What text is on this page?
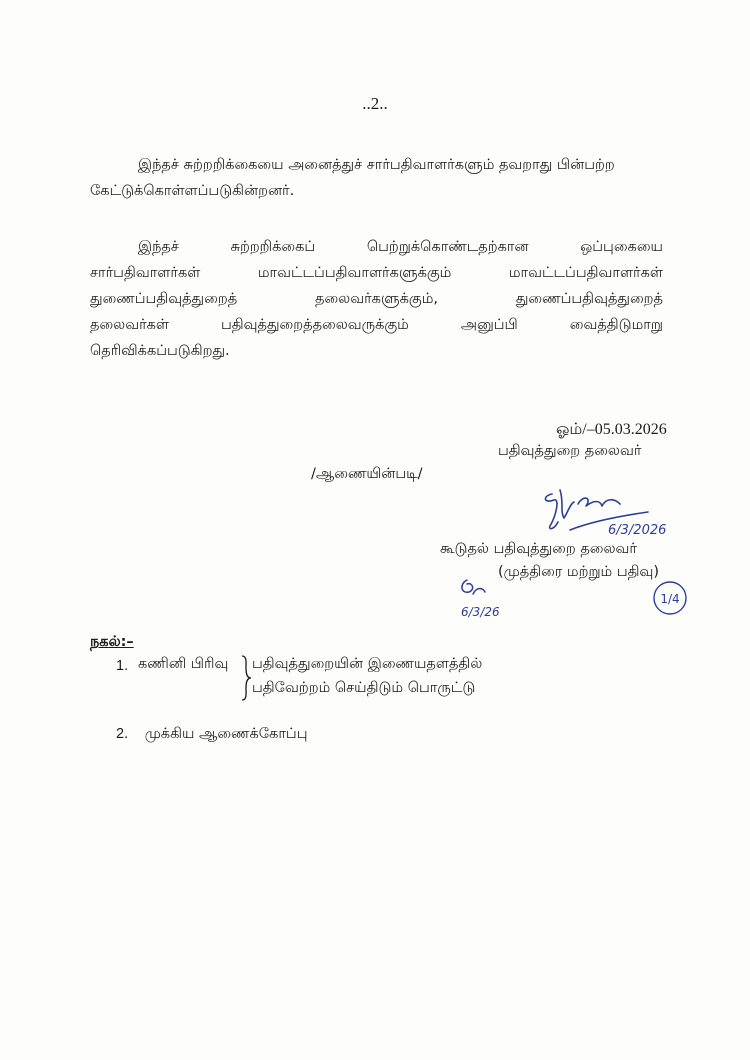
..2..
இந்தச் சுற்றறிக்கையை அனைத்துச் சார்பதிவாளர்களும் தவறாது பின்பற்ற
கேட்டுக்கொள்ளப்படுகின்றனர்.
இந்தச்	சுற்றறிக்கைப்	பெற்றுக்கொண்டதற்கான	ஒப்புகையை
சார்பதிவாளர்கள்	மாவட்டப்பதிவாளர்களுக்கும்	மாவட்டப்பதிவாளர்கள்
துணைப்பதிவுத்துறைத்	தலைவர்களுக்கும்,	துணைப்பதிவுத்துறைத்
தலைவர்கள்	பதிவுத்துறைத்தலைவருக்கும்	அனுப்பி	வைத்திடுமாறு
தெரிவிக்கப்படுகிறது.
ஓம்/–05.03.2026
பதிவுத்துறை தலைவர்
/ஆணையின்படி/
6/3/2026
கூடுதல் பதிவுத்துறை தலைவர்
(முத்திரை மற்றும் பதிவு)
6/3/26
1/4
நகல்:–
1. கணினி பிரிவு பதிவுத்துறையின் இணையதளத்தில்
பதிவேற்றம் செய்திடும் பொருட்டு
2. முக்கிய ஆணைக்கோப்பு
